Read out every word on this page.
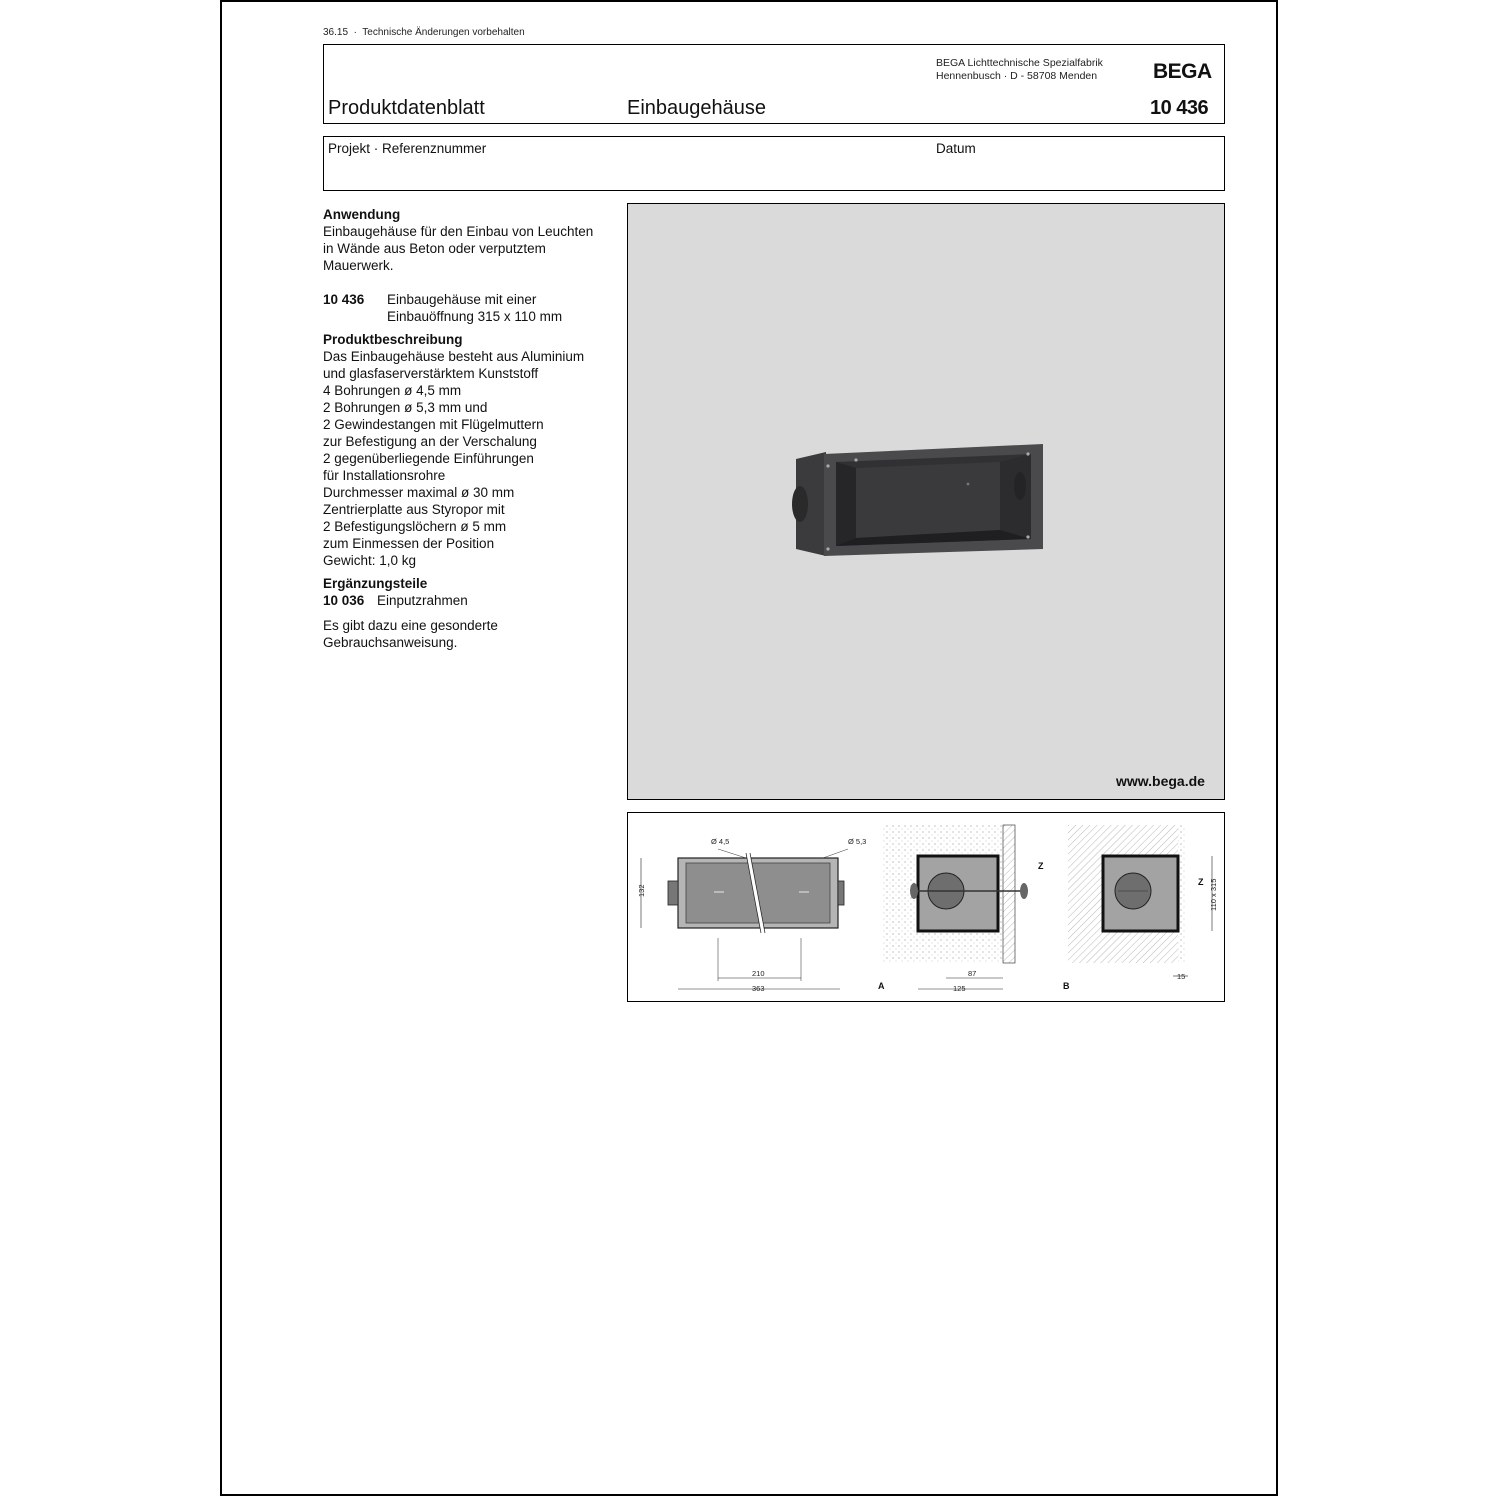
36.15  ·  Technische Änderungen vorbehalten
BEGA Lichttechnische Spezialfabrik
Hennenbusch · D - 58708 Menden	BEGA
Produktdatenblatt	Einbaugehäuse	10 436
Projekt · Referenznummer	Datum
Anwendung

Einbaugehäuse für den Einbau von Leuchten

in Wände aus Beton oder verputztem

Mauerwerk.

10 436	Einbaugehäuse mit einer

Einbauöffnung 315 x 110 mm

Produktbeschreibung

Das Einbaugehäuse besteht aus Aluminium

und glasfaserverstärktem Kunststoff

4 Bohrungen ø 4,5 mm

2 Bohrungen ø 5,3 mm und

2 Gewindestangen mit Flügelmuttern

zur Befestigung an der Verschalung

2 gegenüberliegende Einführungen

für Installationsrohre

Durchmesser maximal ø 30 mm

Zentrierplatte aus Styropor mit

2 Befestigungslöchern ø 5 mm

zum Einmessen der Position

Gewicht: 1,0 kg

Ergänzungsteile
10 036 Einputzrahmen

Es gibt dazu eine gesonderte

Gebrauchsanweisung.

www.bega.de
Ø 4,5	Ø 5,3
132
210
363	A
Z
87
125	B
Z 110 x 315
15
